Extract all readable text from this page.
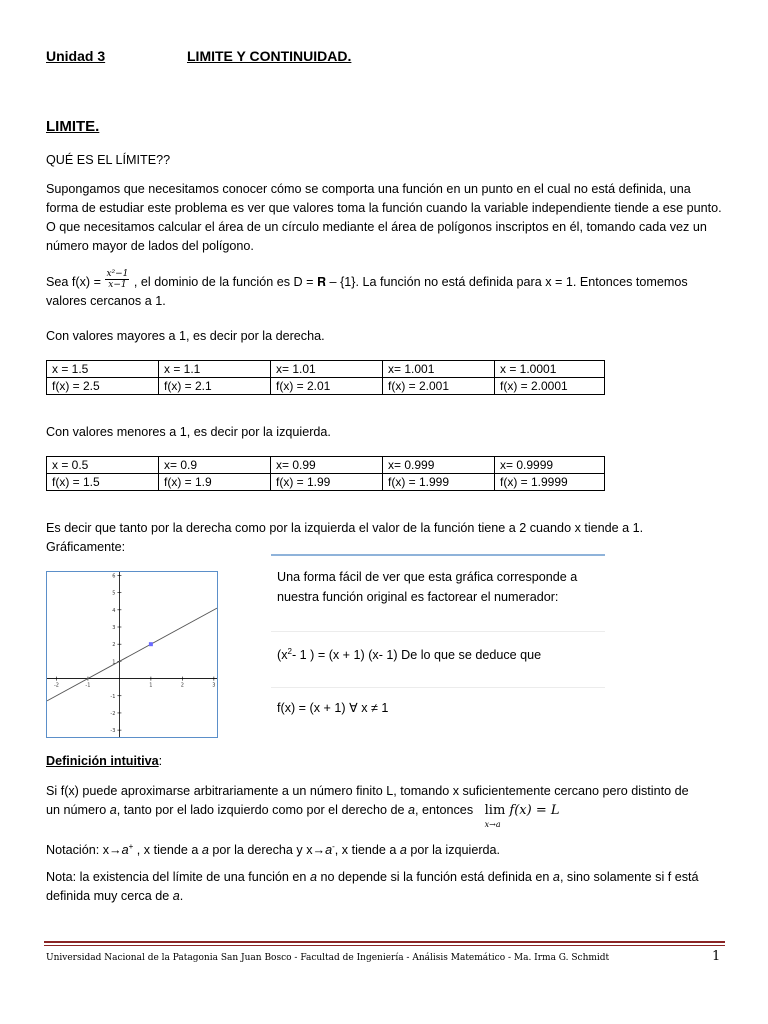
Unidad 3	LIMITE Y CONTINUIDAD.
LIMITE.
QUÉ ES EL LÍMITE??
Supongamos que necesitamos conocer cómo se comporta una función en un punto en el cual no está definida, una forma de estudiar este problema es ver que valores toma la función cuando la variable independiente tiende a ese punto. O que necesitamos calcular el área de un círculo mediante el área de polígonos inscriptos en él, tomando cada vez un número mayor de lados del polígono.
Sea $f(x) = \frac{\text{x²−1}}{x-1}$ , el dominio de la función es D = 𝐑 – {1}. La función no está definida para x = 1. Entonces tomemos valores cercanos a 1.
Con valores mayores a 1, es decir por la derecha.
x = 1.5	x = 1.1	x= 1.01	x= 1.001	x = 1.0001
f(x) = 2.5	f(x) = 2.1	f(x) = 2.01	f(x) = 2.001	f(x) = 2.0001
Con valores menores a 1, es decir por la izquierda.
x = 0.5	x= 0.9	x= 0.99	x= 0.999	x= 0.9999
f(x) = 1.5	f(x) = 1.9	f(x) = 1.99	f(x) = 1.999	f(x) = 1.9999
Es decir que tanto por la derecha como por la izquierda el valor de la función tiene a 2 cuando x tiende a 1.
Gráficamente:
-2	-1	1	2	3
6
5
4
3
2
1
-1
-2
-3
Una forma fácil de ver que esta gráfica corresponde a
nuestra función original es factorear el numerador:
($x^2-$ 1 ) = (x + 1) (x- 1) De lo que se deduce que
f(x) = (x + 1) ∀ x ≠ 1
Definición intuitiva:
Si f(x) puede aproximarse arbitrariamente a un número finito L, tomando x suficientemente cercano pero distinto de
un número a, tanto por el lado izquierdo como por el derecho de a, entonces lim
x→a
f(x) = L
Notación: x→a+ , x tiende a a por la derecha y x→a-, x tiende a a por la izquierda.
Nota: la existencia del límite de una función en a no depende si la función está definida en a, sino solamente si f está
definida muy cerca de a.
Universidad Nacional de la Patagonia San Juan Bosco - Facultad de Ingeniería - Análisis Matemático - Ma. Irma G. Schmidt	1
